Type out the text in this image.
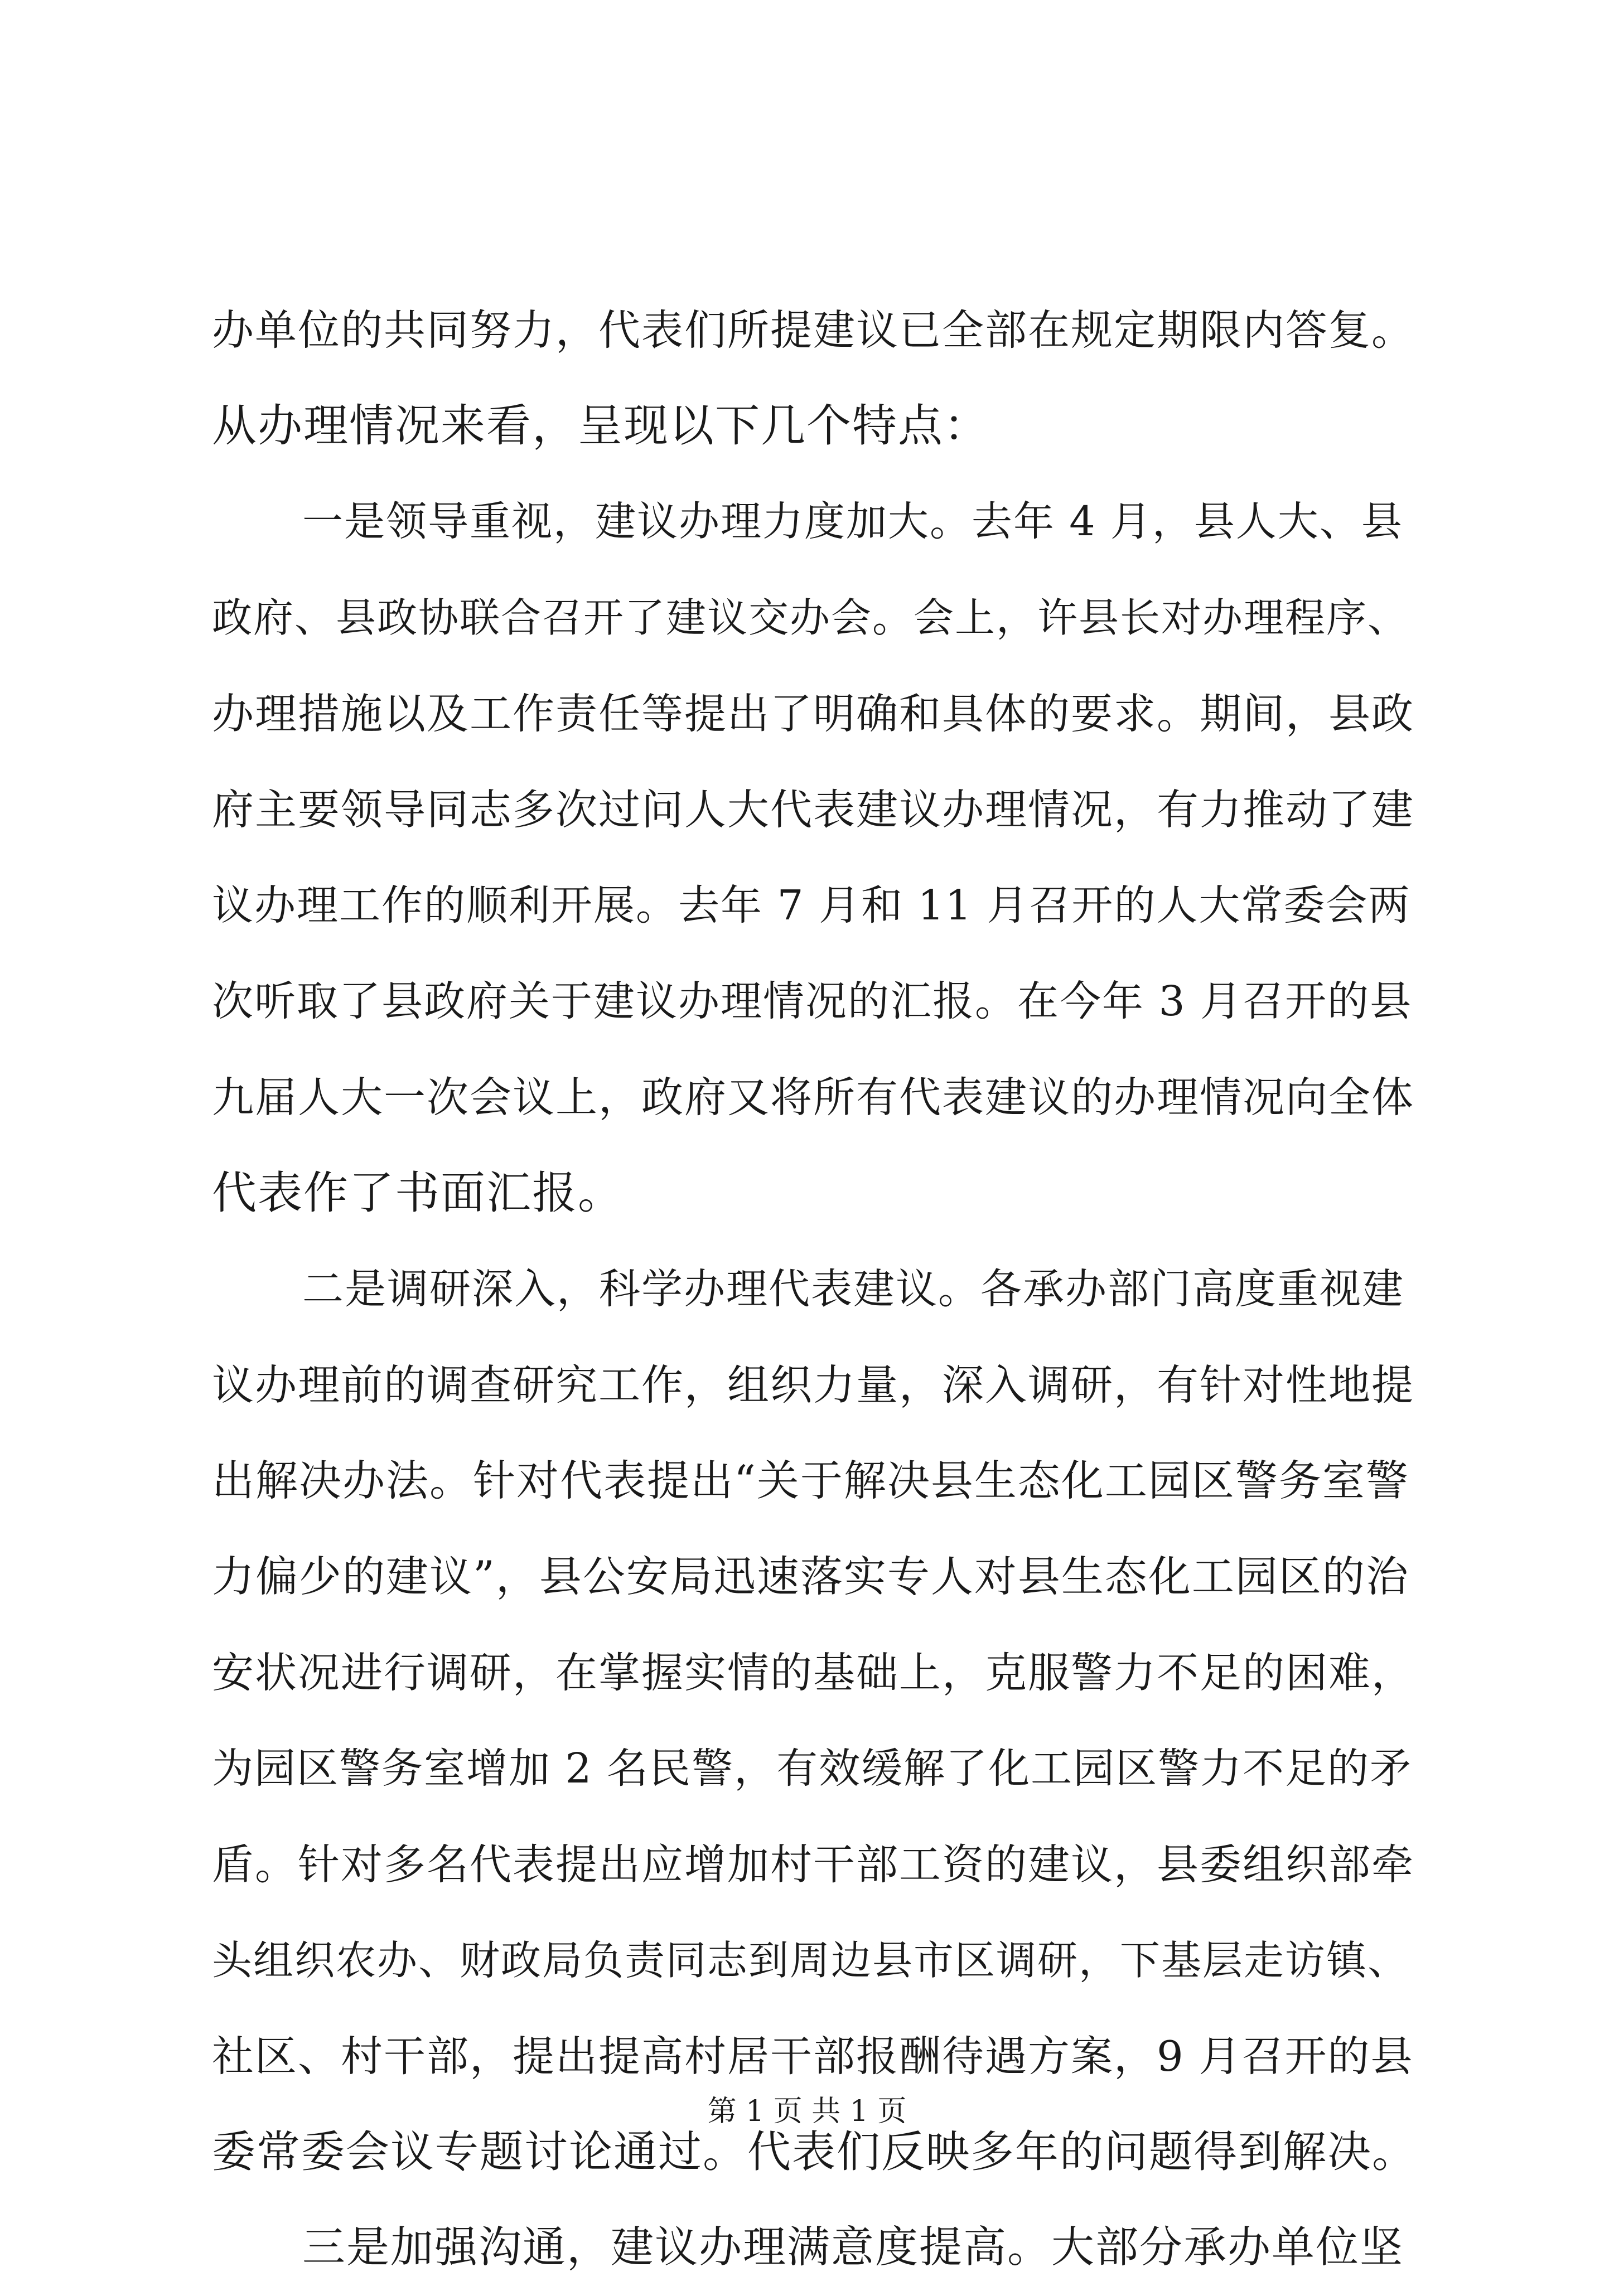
办单位的共同努力，代表们所提建议已全部在规定期限内答复。
从办理情况来看，呈现以下几个特点：
一是领导重视，建议办理力度加大。去年 4 月，县人大、县
政府、县政协联合召开了建议交办会。会上，许县长对办理程序、
办理措施以及工作责任等提出了明确和具体的要求。期间，县政
府主要领导同志多次过问人大代表建议办理情况，有力推动了建
议办理工作的顺利开展。去年 7 月和 11 月召开的人大常委会两
次听取了县政府关于建议办理情况的汇报。在今年 3 月召开的县
九届人大一次会议上，政府又将所有代表建议的办理情况向全体
代表作了书面汇报。
二是调研深入，科学办理代表建议。各承办部门高度重视建
议办理前的调查研究工作，组织力量，深入调研，有针对性地提
出解决办法。针对代表提出“关于解决县生态化工园区警务室警
力偏少的建议”，县公安局迅速落实专人对县生态化工园区的治
安状况进行调研，在掌握实情的基础上，克服警力不足的困难，
为园区警务室增加 2 名民警，有效缓解了化工园区警力不足的矛
盾。针对多名代表提出应增加村干部工资的建议，县委组织部牵
头组织农办、财政局负责同志到周边县市区调研，下基层走访镇、
社区、村干部，提出提高村居干部报酬待遇方案，9 月召开的县
委常委会议专题讨论通过。代表们反映多年的问题得到解决。
三是加强沟通，建议办理满意度提高。大部分承办单位坚
第 1 页 共 1 页
